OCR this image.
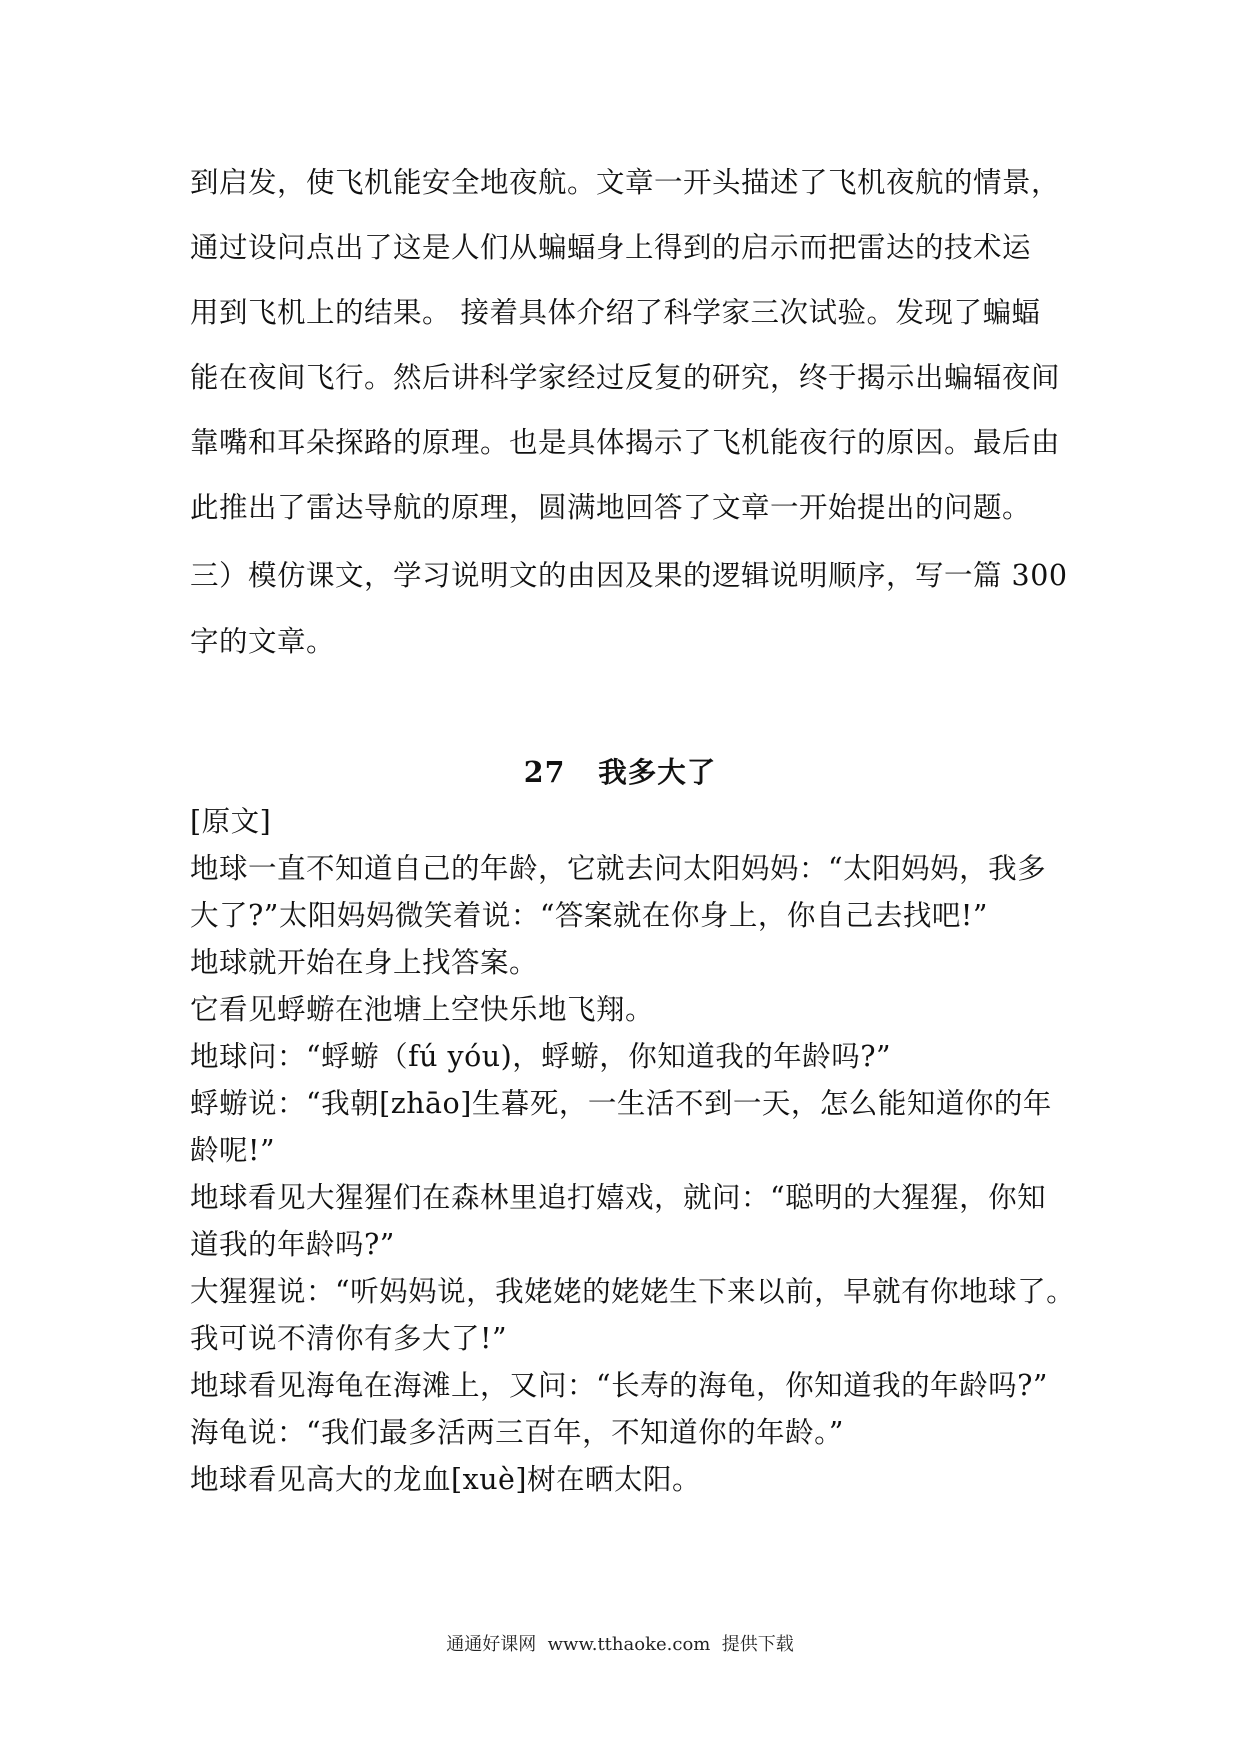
到启发，使飞机能安全地夜航。文章一开头描述了飞机夜航的情景，

通过设问点出了这是人们从蝙蝠身上得到的启示而把雷达的技术运

用到飞机上的结果。 接着具体介绍了科学家三次试验。发现了蝙蝠

能在夜间飞行。然后讲科学家经过反复的研究，终于揭示出蝙辐夜间

靠嘴和耳朵探路的原理。也是具体揭示了飞机能夜行的原因。最后由

此推出了雷达导航的原理，圆满地回答了文章一开始提出的问题。

三）模仿课文，学习说明文的由因及果的逻辑说明顺序，写一篇 300

字的文章。

27   我多大了

[原文]

地球一直不知道自己的年龄，它就去问太阳妈妈：“太阳妈妈，我多

大了?”太阳妈妈微笑着说：“答案就在你身上，你自己去找吧!”

地球就开始在身上找答案。

它看见蜉蝣在池塘上空快乐地飞翔。

地球问：“蜉蝣（fú yóu)，蜉蝣，你知道我的年龄吗?”

蜉蝣说：“我朝[zhāo]生暮死，一生活不到一天，怎么能知道你的年

龄呢!”

地球看见大猩猩们在森林里追打嬉戏，就问：“聪明的大猩猩，你知

道我的年龄吗?”

大猩猩说：“听妈妈说，我姥姥的姥姥生下来以前，早就有你地球了。

我可说不清你有多大了!”

地球看见海龟在海滩上，又问：“长寿的海龟，你知道我的年龄吗?”

海龟说：“我们最多活两三百年，不知道你的年龄。”

地球看见高大的龙血[xuè]树在晒太阳。

通通好课网  www.tthaoke.com  提供下载
